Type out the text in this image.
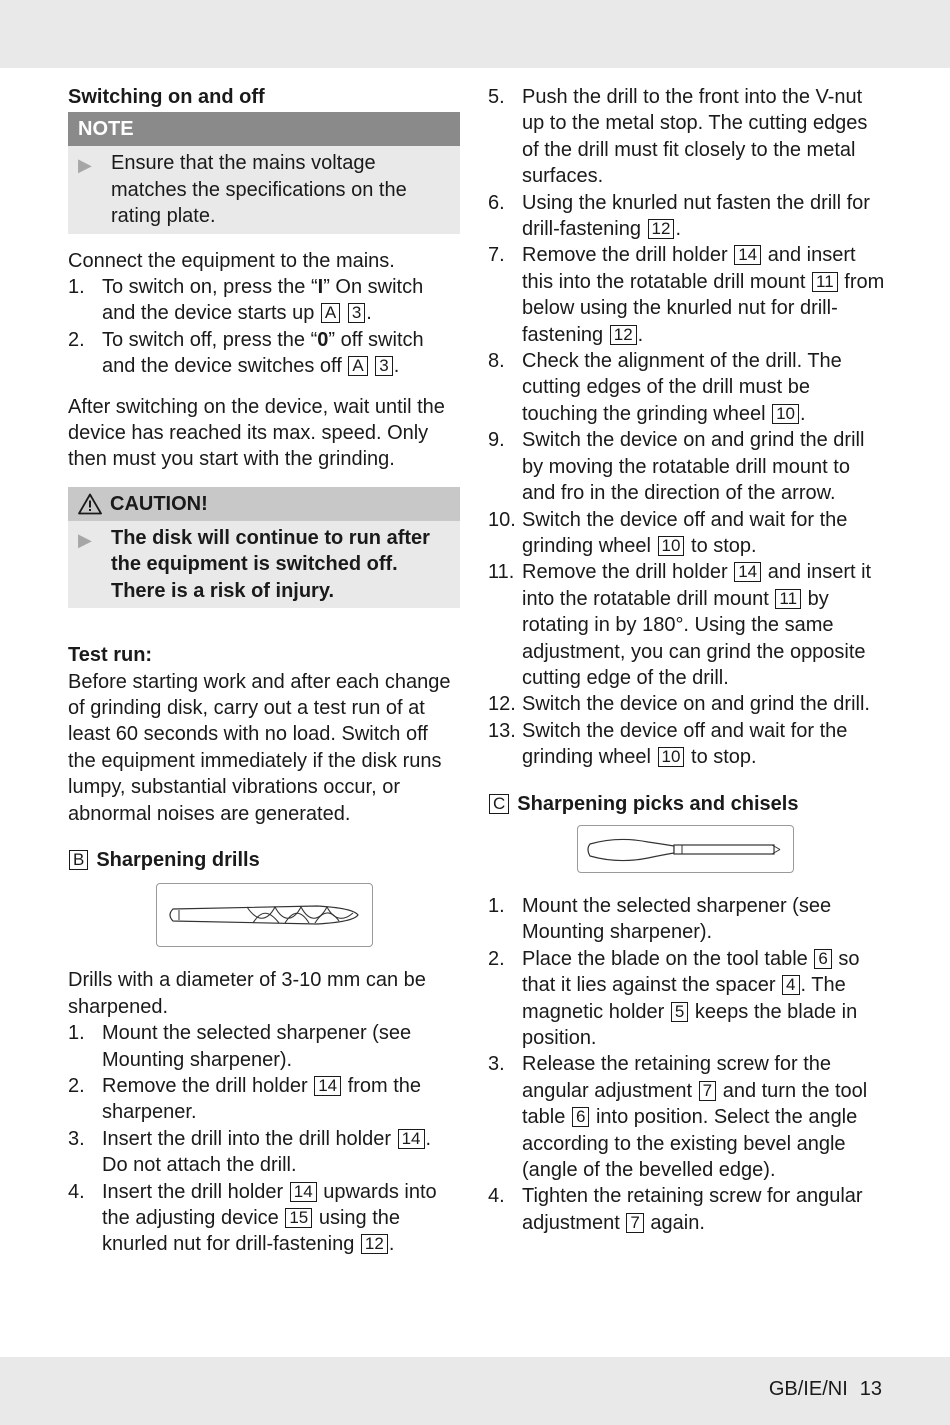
Switching on and off
NOTE
▶ Ensure that the mains voltage matches the specifications on the rating plate.

Connect the equipment to the mains.

1. To switch on, press the “I” On switch and the device starts up A 3 .
2. To switch off, press the “0” off switch and the device switches off A 3 .

After switching on the device, wait until the device has reached its max. speed. Only then must you start with the grinding.

CAUTION!
▶ The disk will continue to run after the equipment is switched off. There is a risk of injury.
Test run:

Before starting work and after each change of grinding disk, carry out a test run of at least 60 seconds with no load. Switch off the equipment immediately if the disk runs lumpy, substantial vibrations occur, or abnormal noises are generated.

B Sharpening drills

Drills with a diameter of 3-10 mm can be sharpened.

1. Mount the selected sharpener (see Mounting sharpener).
2. Remove the drill holder 14 from the sharpener.
3. Insert the drill into the drill holder 14 . Do not attach the drill.
4. Insert the drill holder 14 upwards into the adjusting device 15 using the knurled nut for drill-fastening 12 .
5. Push the drill to the front into the V-nut up to the metal stop. The cutting edges of the drill must fit closely to the metal surfaces.
6. Using the knurled nut fasten the drill for drill-fastening 12 .
7. Remove the drill holder 14 and insert this into the rotatable drill mount 11 from below using the knurled nut for drill-fastening 12 .
8. Check the alignment of the drill. The cutting edges of the drill must be touching the grinding wheel 10 .
9. Switch the device on and grind the drill by moving the rotatable drill mount to and fro in the direction of the arrow.
10. Switch the device off and wait for the grinding wheel 10 to stop.
11. Remove the drill holder 14 and insert it into the rotatable drill mount 11 by rotating in by 180°. Using the same adjustment, you can grind the opposite cutting edge of the drill.
12. Switch the device on and grind the drill.
13. Switch the device off and wait for the grinding wheel 10 to stop.
C Sharpening picks and chisels
1. Mount the selected sharpener (see Mounting sharpener).
2. Place the blade on the tool table 6 so that it lies against the spacer 4 . The magnetic holder 5 keeps the blade in position.
3. Release the retaining screw for the angular adjustment 7 and turn the tool table 6 into position. Select the angle according to the existing bevel angle (angle of the bevelled edge).
4. Tighten the retaining screw for angular adjustment 7 again.
GB/IE/NI 13
